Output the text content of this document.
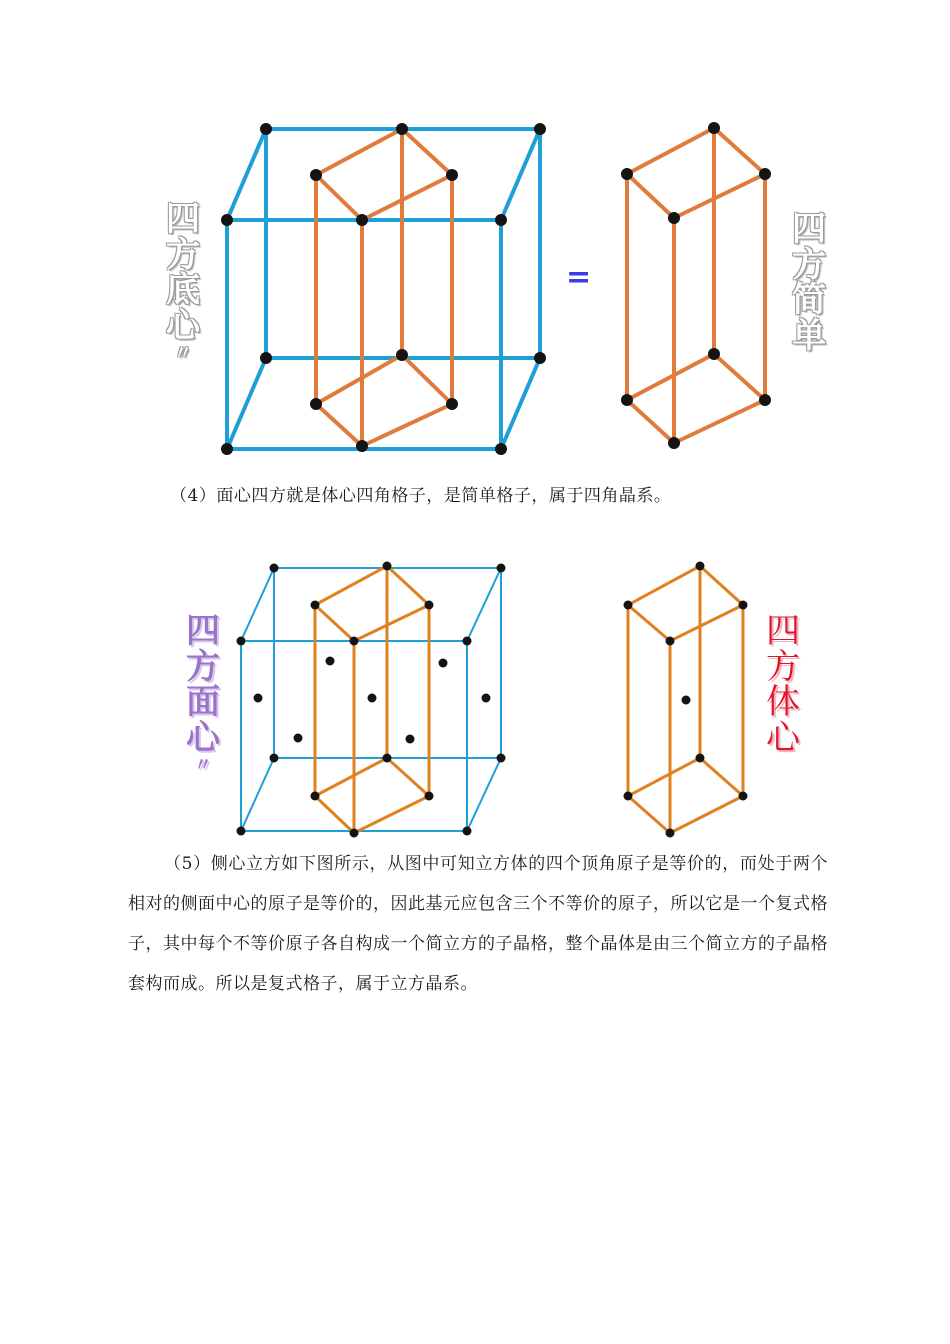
四
方
底
心
〃
=
四
方
简
单

（4）面心四方就是体心四角格子，是简单格子，属于四角晶系。

四
方
面
心
〃
四
方
体
心

（5）侧心立方如下图所示，从图中可知立方体的四个顶角原子是等价的，而处于两个相对的侧面中心的原子是等价的，因此基元应包含三个不等价的原子，所以它是一个复式格子，其中每个不等价原子各自构成一个简立方的子晶格，整个晶体是由三个简立方的子晶格套构而成。所以是复式格子，属于立方晶系。
